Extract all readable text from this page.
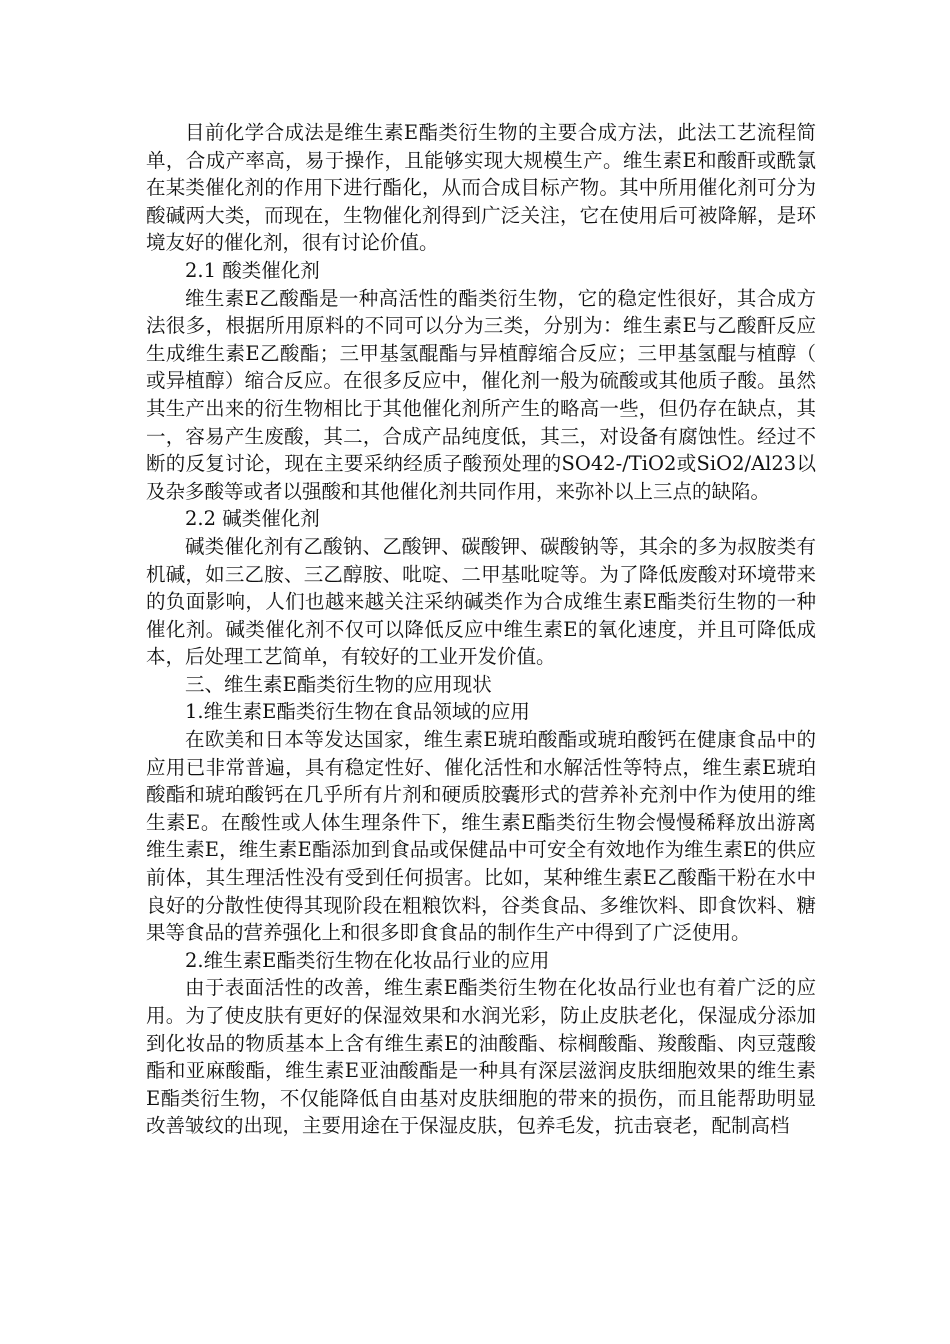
目前化学合成法是维生素E酯类衍生物的主要合成方法，此法工艺流程简单，合成产率高，易于操作，且能够实现大规模生产。维生素E和酸酐或酰氯在某类催化剂的作用下进行酯化，从而合成目标产物。其中所用催化剂可分为酸碱两大类，而现在，生物催化剂得到广泛关注，它在使用后可被降解，是环境友好的催化剂，很有讨论价值。

2.1 酸类催化剂

维生素E乙酸酯是一种高活性的酯类衍生物，它的稳定性很好，其合成方法很多，根据所用原料的不同可以分为三类，分别为：维生素E与乙酸酐反应生成维生素E乙酸酯；三甲基氢醌酯与异植醇缩合反应；三甲基氢醌与植醇（或异植醇）缩合反应。在很多反应中，催化剂一般为硫酸或其他质子酸。虽然其生产出来的衍生物相比于其他催化剂所产生的略高一些，但仍存在缺点，其一，容易产生废酸，其二，合成产品纯度低，其三，对设备有腐蚀性。经过不断的反复讨论，现在主要采纳经质子酸预处理的SO42-/TiO2或SiO2/Al23以及杂多酸等或者以强酸和其他催化剂共同作用，来弥补以上三点的缺陷。

2.2 碱类催化剂

碱类催化剂有乙酸钠、乙酸钾、碳酸钾、碳酸钠等，其余的多为叔胺类有机碱，如三乙胺、三乙醇胺、吡啶、二甲基吡啶等。为了降低废酸对环境带来的负面影响，人们也越来越关注采纳碱类作为合成维生素E酯类衍生物的一种催化剂。碱类催化剂不仅可以降低反应中维生素E的氧化速度，并且可降低成本，后处理工艺简单，有较好的工业开发价值。

三、维生素E酯类衍生物的应用现状

1.维生素E酯类衍生物在食品领域的应用

在欧美和日本等发达国家，维生素E琥珀酸酯或琥珀酸钙在健康食品中的应用已非常普遍，具有稳定性好、催化活性和水解活性等特点，维生素E琥珀酸酯和琥珀酸钙在几乎所有片剂和硬质胶囊形式的营养补充剂中作为使用的维生素E。在酸性或人体生理条件下，维生素E酯类衍生物会慢慢稀释放出游离维生素E，维生素E酯添加到食品或保健品中可安全有效地作为维生素E的供应前体，其生理活性没有受到任何损害。比如，某种维生素E乙酸酯干粉在水中良好的分散性使得其现阶段在粗粮饮料，谷类食品、多维饮料、即食饮料、糖果等食品的营养强化上和很多即食食品的制作生产中得到了广泛使用。

2.维生素E酯类衍生物在化妆品行业的应用

由于表面活性的改善，维生素E酯类衍生物在化妆品行业也有着广泛的应用。为了使皮肤有更好的保湿效果和水润光彩，防止皮肤老化，保湿成分添加到化妆品的物质基本上含有维生素E的油酸酯、棕榈酸酯、羧酸酯、肉豆蔻酸酯和亚麻酸酯，维生素E亚油酸酯是一种具有深层滋润皮肤细胞效果的维生素E酯类衍生物，不仅能降低自由基对皮肤细胞的带来的损伤，而且能帮助明显改善皱纹的出现，主要用途在于保湿皮肤，包养毛发，抗击衰老，配制高档
